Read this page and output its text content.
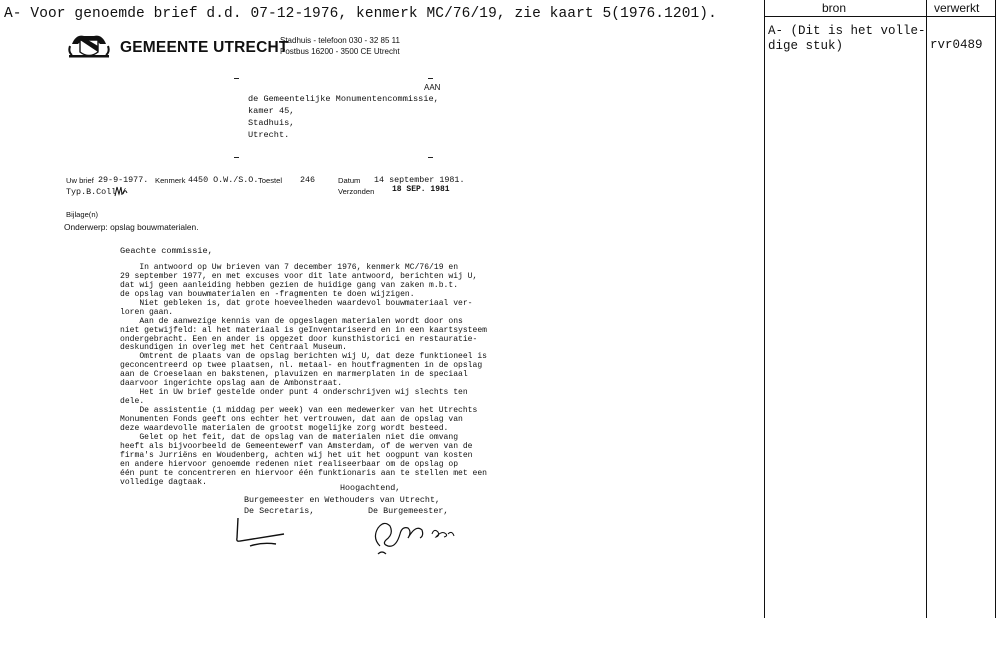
A- Voor genoemde brief d.d. 07-12-1976, kenmerk MC/76/19, zie kaart 5(1976.1201).
GEMEENTE UTRECHT
Stadhuis - telefoon 030 - 32 85 11
Postbus 16200 - 3500 CE Utrecht
AAN
de Gemeentelijke Monumentencommissie,
kamer 45,
Stadhuis,
Utrecht.
Uw brief 29-9-1977. Kenmerk 4450 O.W./S.O. Toestel 246	Datum 14 september 1981.
Verzonden 18 SEP. 1981
Typ.B.Coll./
Bijlage(n)
Onderwerp: opslag bouwmaterialen.
Geachte commissie,
In antwoord op Uw brieven van 7 december 1976, kenmerk MC/76/19 en
29 september 1977, en met excuses voor dit late antwoord, berichten wij U,
dat wij geen aanleiding hebben gezien de huidige gang van zaken m.b.t.
de opslag van bouwmaterialen en -fragmenten te doen wijzigen.
Niet gebleken is, dat grote hoeveelheden waardevol bouwmateriaal ver-
loren gaan.
Aan de aanwezige kennis van de opgeslagen materialen wordt door ons
niet getwijfeld: al het materiaal is geInventariseerd en in een kaartsysteem
ondergebracht. Een en ander is opgezet door kunsthistorici en restauratie-
deskundigen in overleg met het Centraal Museum.
Omtrent de plaats van de opslag berichten wij U, dat deze funktioneel is
geconcentreerd op twee plaatsen, nl. metaal- en houtfragmenten in de opslag
aan de Croeselaan en bakstenen, plavuizen en marmerplaten in de speciaal
daarvoor ingerichte opslag aan de Ambonstraat.
Het in Uw brief gestelde onder punt 4 onderschrijven wij slechts ten
dele.
De assistentie (1 middag per week) van een medewerker van het Utrechts
Monumenten Fonds geeft ons echter het vertrouwen, dat aan de opslag van
deze waardevolle materialen de grootst mogelijke zorg wordt besteed.
Gelet op het feit, dat de opslag van de materialen niet die omvang
heeft als bijvoorbeeld de Gemeentewerf van Amsterdam, of de werven van de
firma's Jurriëns en Woudenberg, achten wij het uit het oogpunt van kosten
en andere hiervoor genoemde redenen niet realiseerbaar om de opslag op
één punt te concentreren en hiervoor één funktionaris aan te stellen met een
volledige dagtaak.
Hoogachtend,
Burgemeester en Wethouders van Utrecht,
De Secretaris,	De Burgemeester,
bron	verwerkt
A- (Dit is het volle-
dige stuk)	rvr0489
